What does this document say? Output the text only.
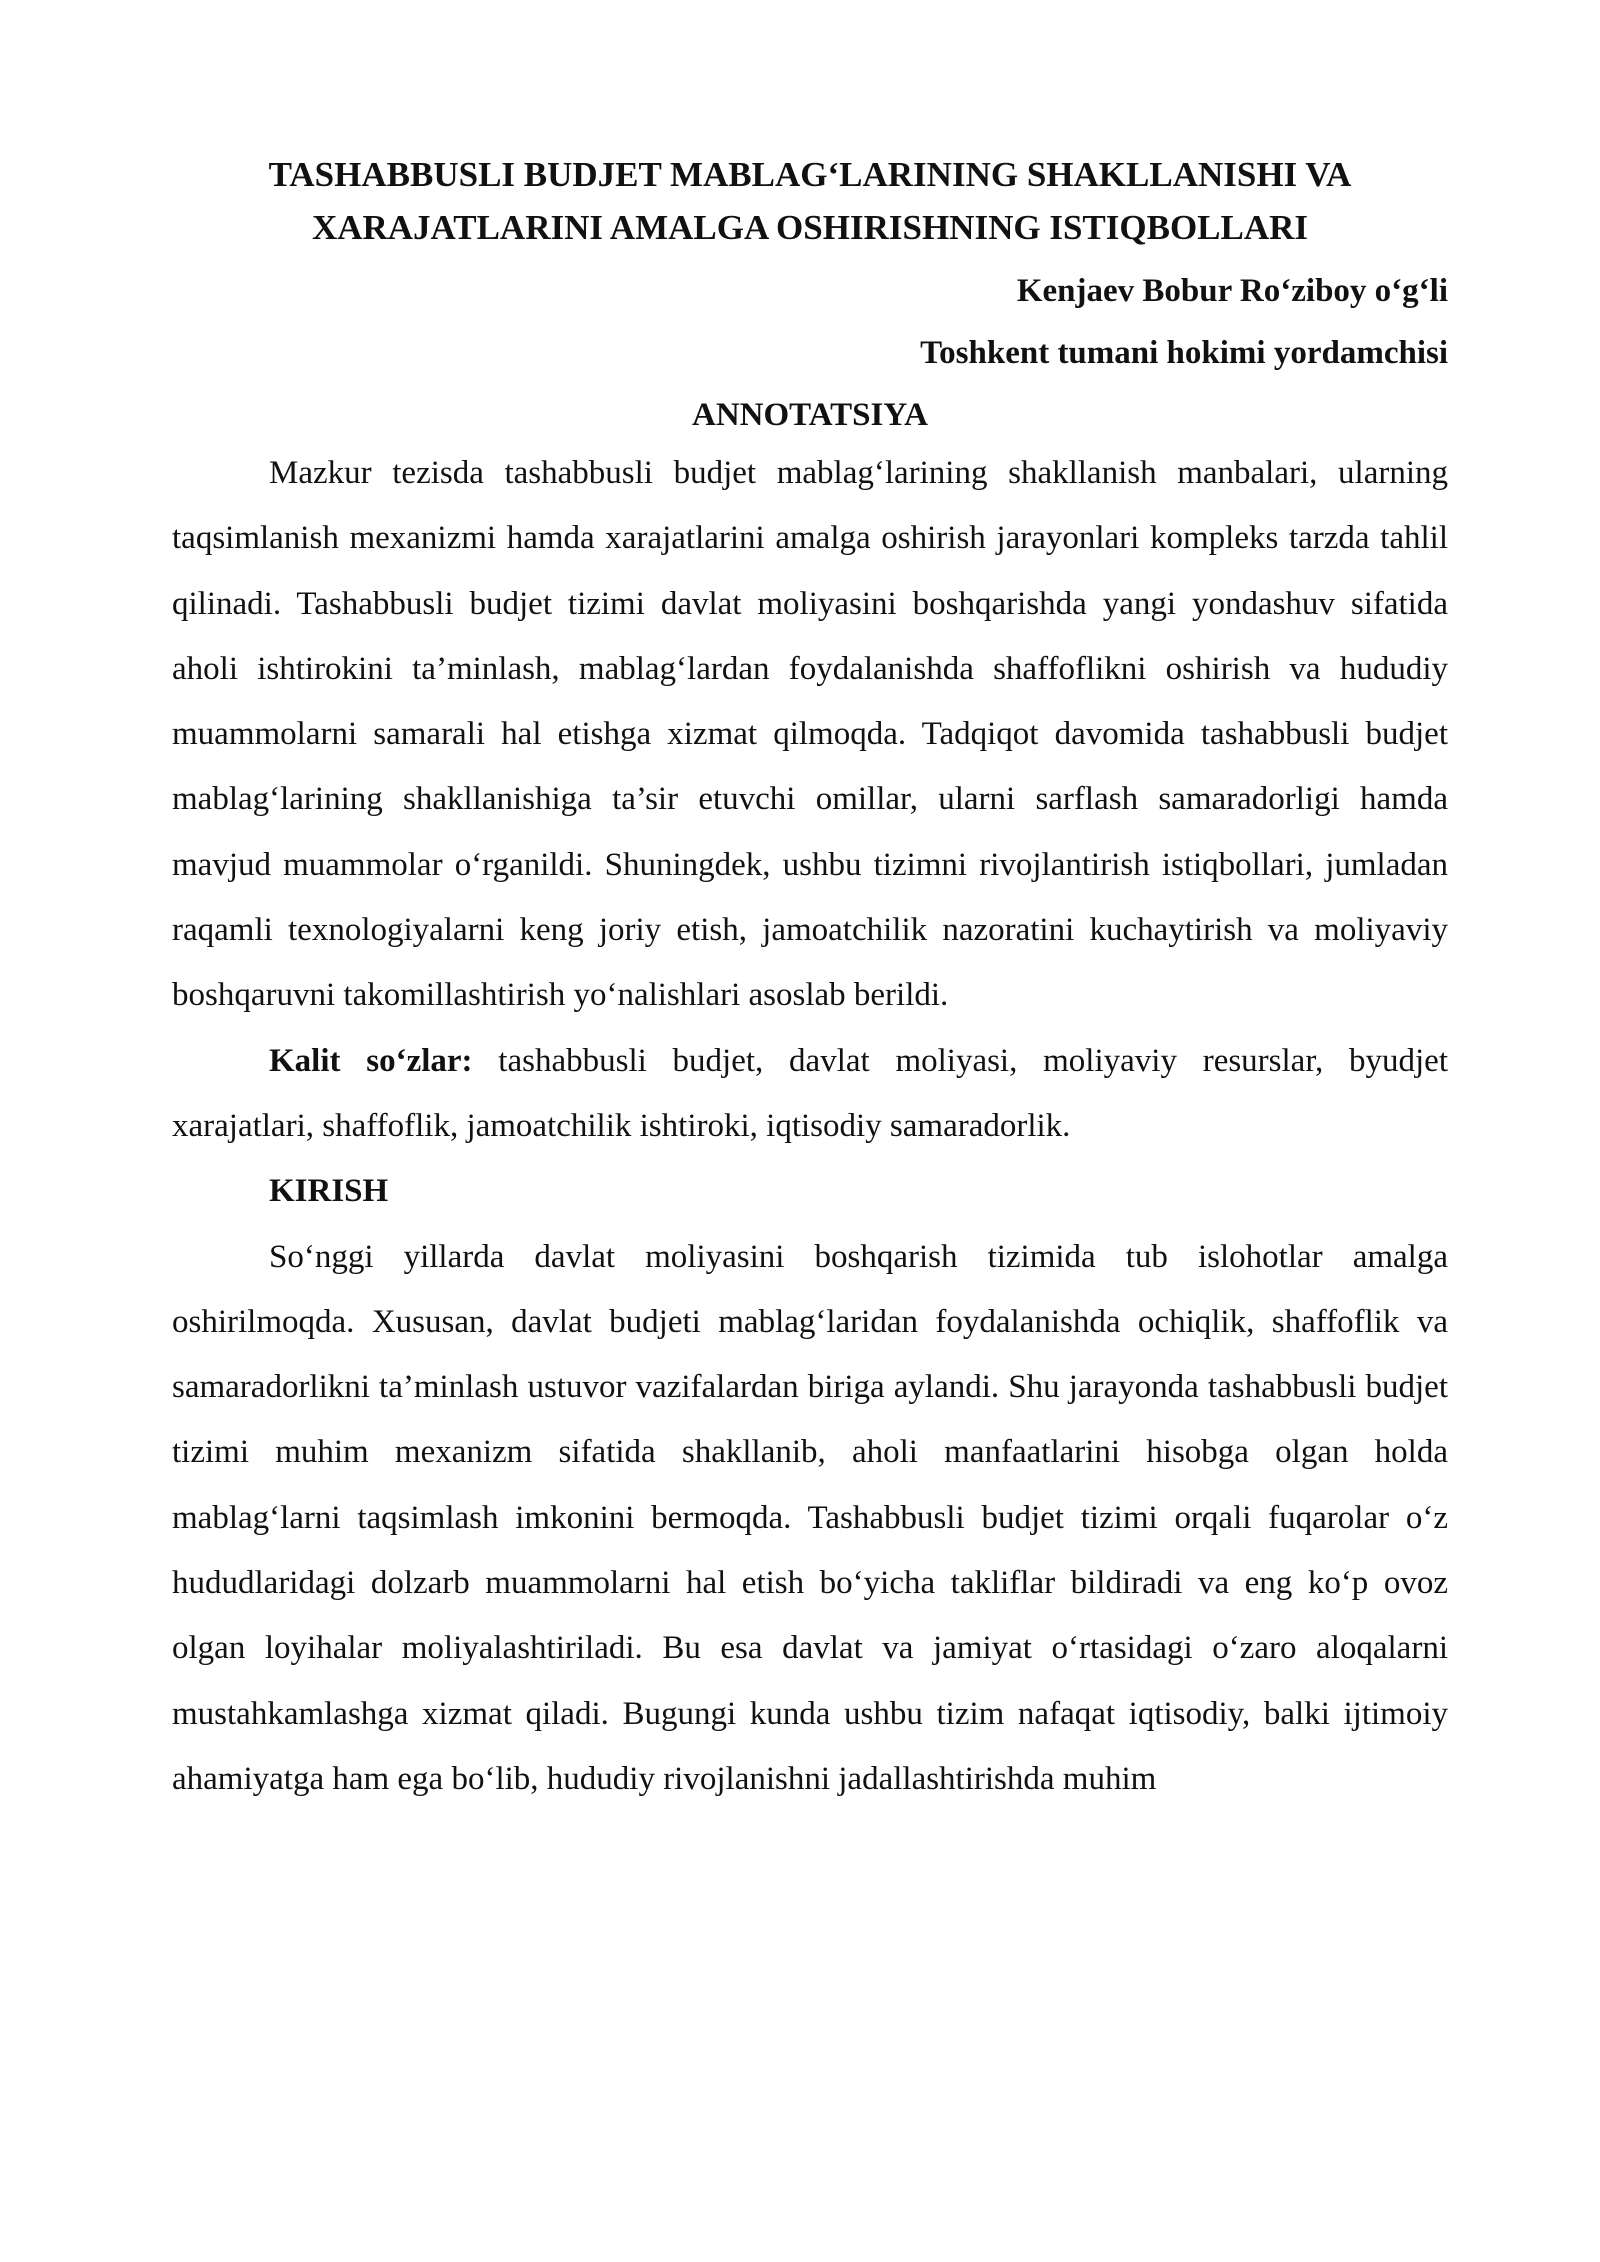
TASHABBUSLI BUDJET MABLAG‘LARINING SHAKLLANISHI VA

XARAJATLARINI AMALGA OSHIRISHNING ISTIQBOLLARI

Kenjaev Bobur Ro‘ziboy o‘g‘li

Toshkent tumani hokimi yordamchisi

ANNOTATSIYA

Mazkur tezisda tashabbusli budjet mablag‘larining shakllanish manbalari, ularning taqsimlanish mexanizmi hamda xarajatlarini amalga oshirish jarayonlari kompleks tarzda tahlil qilinadi. Tashabbusli budjet tizimi davlat moliyasini boshqarishda yangi yondashuv sifatida aholi ishtirokini ta’minlash, mablag‘lardan foydalanishda shaffoflikni oshirish va hududiy muammolarni samarali hal etishga xizmat qilmoqda. Tadqiqot davomida tashabbusli budjet mablag‘larining shakllanishiga ta’sir etuvchi omillar, ularni sarflash samaradorligi hamda mavjud muammolar o‘rganildi. Shuningdek, ushbu tizimni rivojlantirish istiqbollari, jumladan raqamli texnologiyalarni keng joriy etish, jamoatchilik nazoratini kuchaytirish va moliyaviy boshqaruvni takomillashtirish yo‘nalishlari asoslab berildi.

Kalit so‘zlar: tashabbusli budjet, davlat moliyasi, moliyaviy resurslar, byudjet xarajatlari, shaffoflik, jamoatchilik ishtiroki, iqtisodiy samaradorlik.

KIRISH

So‘nggi yillarda davlat moliyasini boshqarish tizimida tub islohotlar amalga oshirilmoqda. Xususan, davlat budjeti mablag‘laridan foydalanishda ochiqlik, shaffoflik va samaradorlikni ta’minlash ustuvor vazifalardan biriga aylandi. Shu jarayonda tashabbusli budjet tizimi muhim mexanizm sifatida shakllanib, aholi manfaatlarini hisobga olgan holda mablag‘larni taqsimlash imkonini bermoqda. Tashabbusli budjet tizimi orqali fuqarolar o‘z hududlaridagi dolzarb muammolarni hal etish bo‘yicha takliflar bildiradi va eng ko‘p ovoz olgan loyihalar moliyalashtiriladi. Bu esa davlat va jamiyat o‘rtasidagi o‘zaro aloqalarni mustahkamlashga xizmat qiladi. Bugungi kunda ushbu tizim nafaqat iqtisodiy, balki ijtimoiy ahamiyatga ham ega bo‘lib, hududiy rivojlanishni jadallashtirishda muhim
